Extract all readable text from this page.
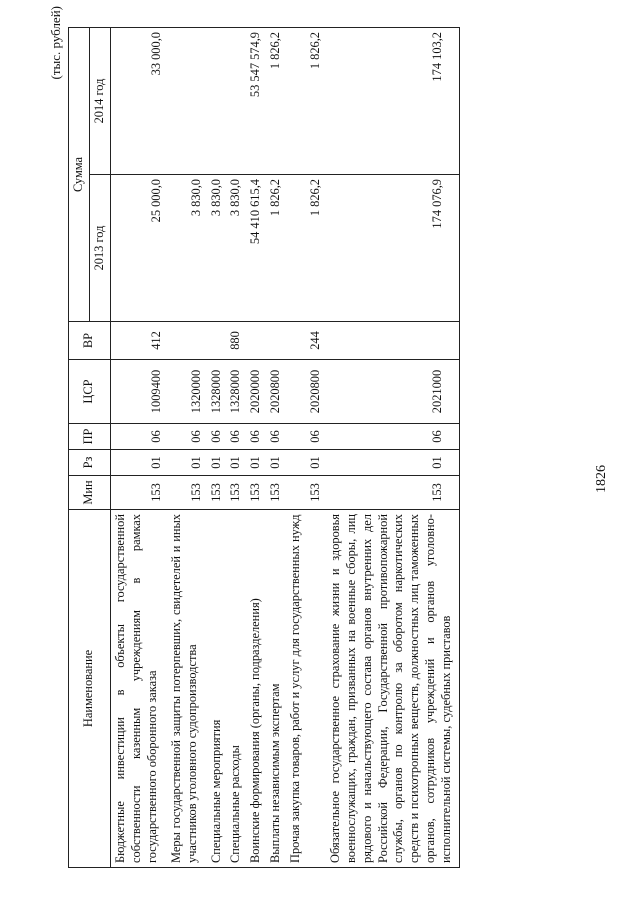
1826
(тыс. рублей)
Наименование	Мин	Рз	ПР	ЦСР	ВР	Сумма	
						2013 год	2014 год
Бюджетные инвестиции в объекты государственной собственности казенным учреждениям в рамках государственного оборонного заказа	153	01	06	1009400	412	25 000,0	33 000,0
Меры государственной защиты потерпевших, свидетелей и иных участников уголовного судопроизводства	153	01	06	1320000		3 830,0	
Специальные мероприятия	153	01	06	1328000		3 830,0	
Специальные расходы	153	01	06	1328000	880	3 830,0	
Воинские формирования (органы, подразделения)	153	01	06	2020000		54 410 615,4	53 547 574,9
Выплаты независимым экспертам	153	01	06	2020800		1 826,2	1 826,2
Прочая закупка товаров, работ и услуг для государственных нужд	153	01	06	2020800	244	1 826,2	1 826,2
Обязательное государственное страхование жизни и здоровья военнослужащих, граждан, призванных на военные сборы, лиц рядового и начальствующего состава органов внутренних дел Российской Федерации, Государственной противопожарной службы, органов по контролю за оборотом наркотических средств и психотропных веществ, должностных лиц таможенных органов, сотрудников учреждений и органов уголовно-исполнительной системы, судебных приставов	153	01	06	2021000		174 076,9	174 103,2
